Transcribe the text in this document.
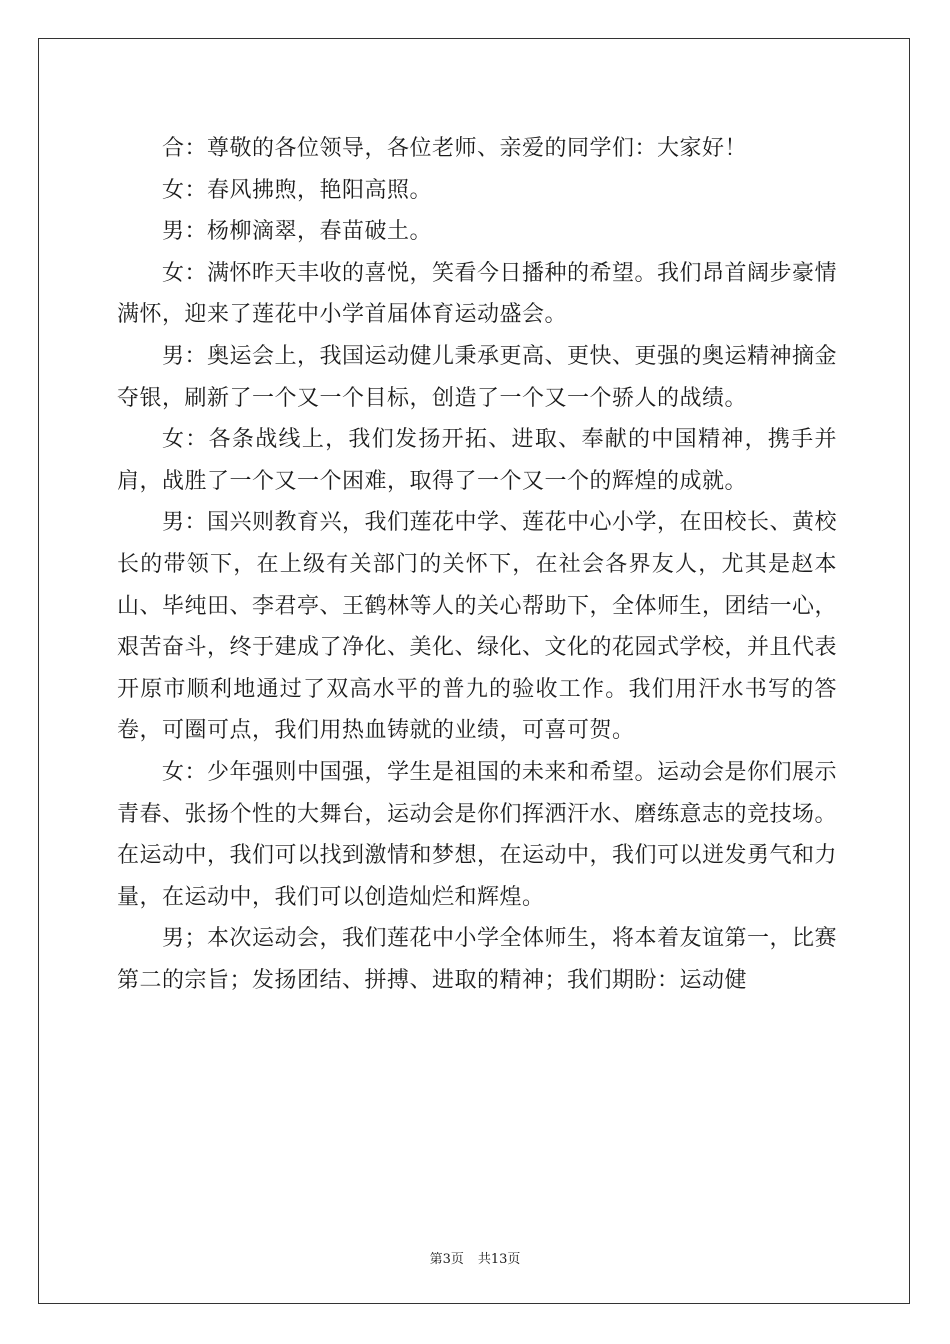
合：尊敬的各位领导，各位老师、亲爱的同学们：大家好！

女：春风拂煦，艳阳高照。

男：杨柳滴翠，春苗破土。

女：满怀昨天丰收的喜悦，笑看今日播种的希望。我们昂首阔步豪情满怀，迎来了莲花中小学首届体育运动盛会。

男：奥运会上，我国运动健儿秉承更高、更快、更强的奥运精神摘金夺银，刷新了一个又一个目标，创造了一个又一个骄人的战绩。

女：各条战线上，我们发扬开拓、进取、奉献的中国精神，携手并肩，战胜了一个又一个困难，取得了一个又一个的辉煌的成就。

男：国兴则教育兴，我们莲花中学、莲花中心小学，在田校长、黄校长的带领下，在上级有关部门的关怀下，在社会各界友人，尤其是赵本山、毕纯田、李君亭、王鹤林等人的关心帮助下，全体师生，团结一心，艰苦奋斗，终于建成了净化、美化、绿化、文化的花园式学校，并且代表开原市顺利地通过了双高水平的普九的验收工作。我们用汗水书写的答卷，可圈可点，我们用热血铸就的业绩，可喜可贺。

女：少年强则中国强，学生是祖国的未来和希望。运动会是你们展示青春、张扬个性的大舞台，运动会是你们挥洒汗水、磨练意志的竞技场。在运动中，我们可以找到激情和梦想，在运动中，我们可以迸发勇气和力量，在运动中，我们可以创造灿烂和辉煌。

男；本次运动会，我们莲花中小学全体师生，将本着友谊第一，比赛第二的宗旨；发扬团结、拼搏、进取的精神；我们期盼：运动健

第3页 共13页
